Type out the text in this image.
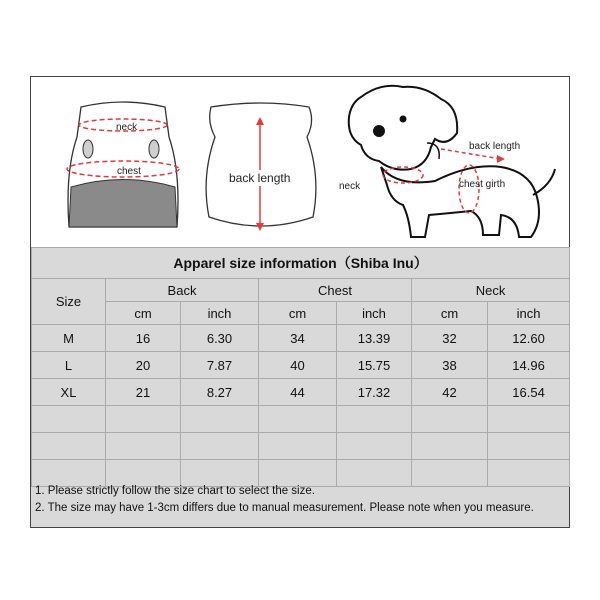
neck
chest	back length
back length
neck	chest girth
Apparel size information（Shiba Inu）						
Size	Back		Chest		Neck	
	cm	inch	cm	inch	cm	inch
M	16	6.30	34	13.39	32	12.60
L	20	7.87	40	15.75	38	14.96
XL	21	8.27	44	17.32	42	16.54

1. Please strictly follow the size chart to select the size.
2. The size may have 1-3cm differs due to manual measurement. Please note when you measure.
